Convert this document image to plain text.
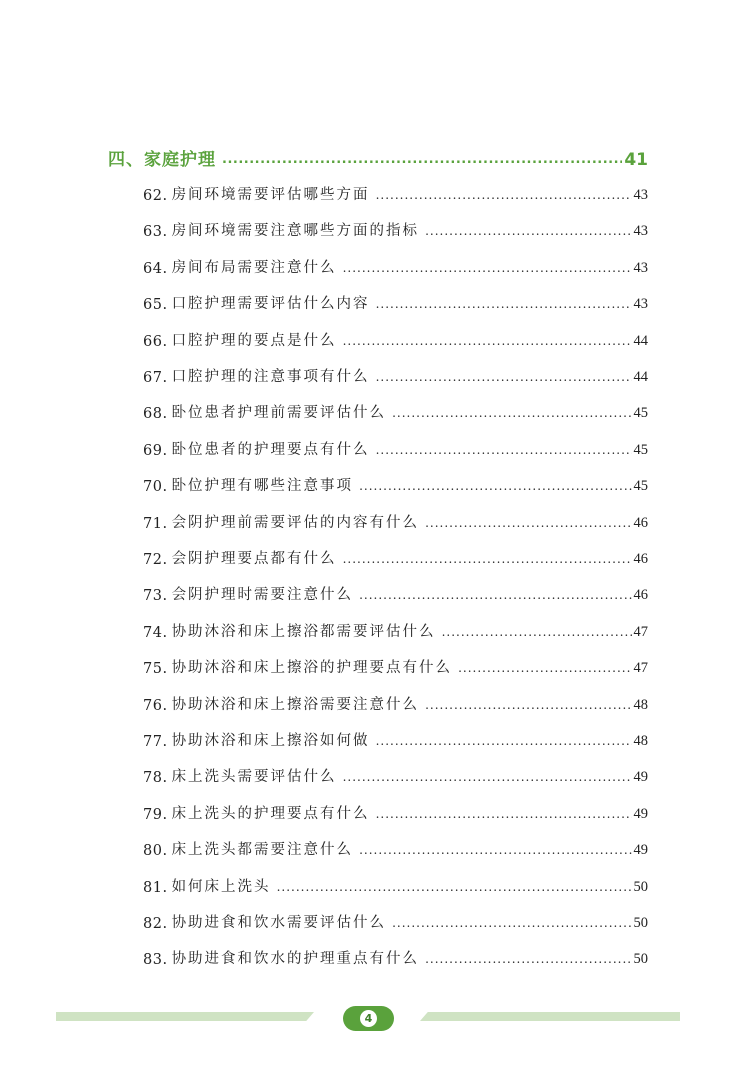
四、家庭护理 .....	41
62. 房间环境需要评估哪些方面 .....	43
63. 房间环境需要注意哪些方面的指标 .....	43
64. 房间布局需要注意什么 .....	43
65. 口腔护理需要评估什么内容 .....	43
66. 口腔护理的要点是什么 .....	44
67. 口腔护理的注意事项有什么 .....	44
68. 卧位患者护理前需要评估什么 .....	45
69. 卧位患者的护理要点有什么 .....	45
70. 卧位护理有哪些注意事项 .....	45
71. 会阴护理前需要评估的内容有什么 .....	46
72. 会阴护理要点都有什么 .....	46
73. 会阴护理时需要注意什么 .....	46
74. 协助沐浴和床上擦浴都需要评估什么 .....	47
75. 协助沐浴和床上擦浴的护理要点有什么 .....	47
76. 协助沐浴和床上擦浴需要注意什么 .....	48
77. 协助沐浴和床上擦浴如何做 .....	48
78. 床上洗头需要评估什么 .....	49
79. 床上洗头的护理要点有什么 .....	49
80. 床上洗头都需要注意什么 .....	49
81. 如何床上洗头 .....	50
82. 协助进食和饮水需要评估什么 .....	50
83. 协助进食和饮水的护理重点有什么 .....	50
4
